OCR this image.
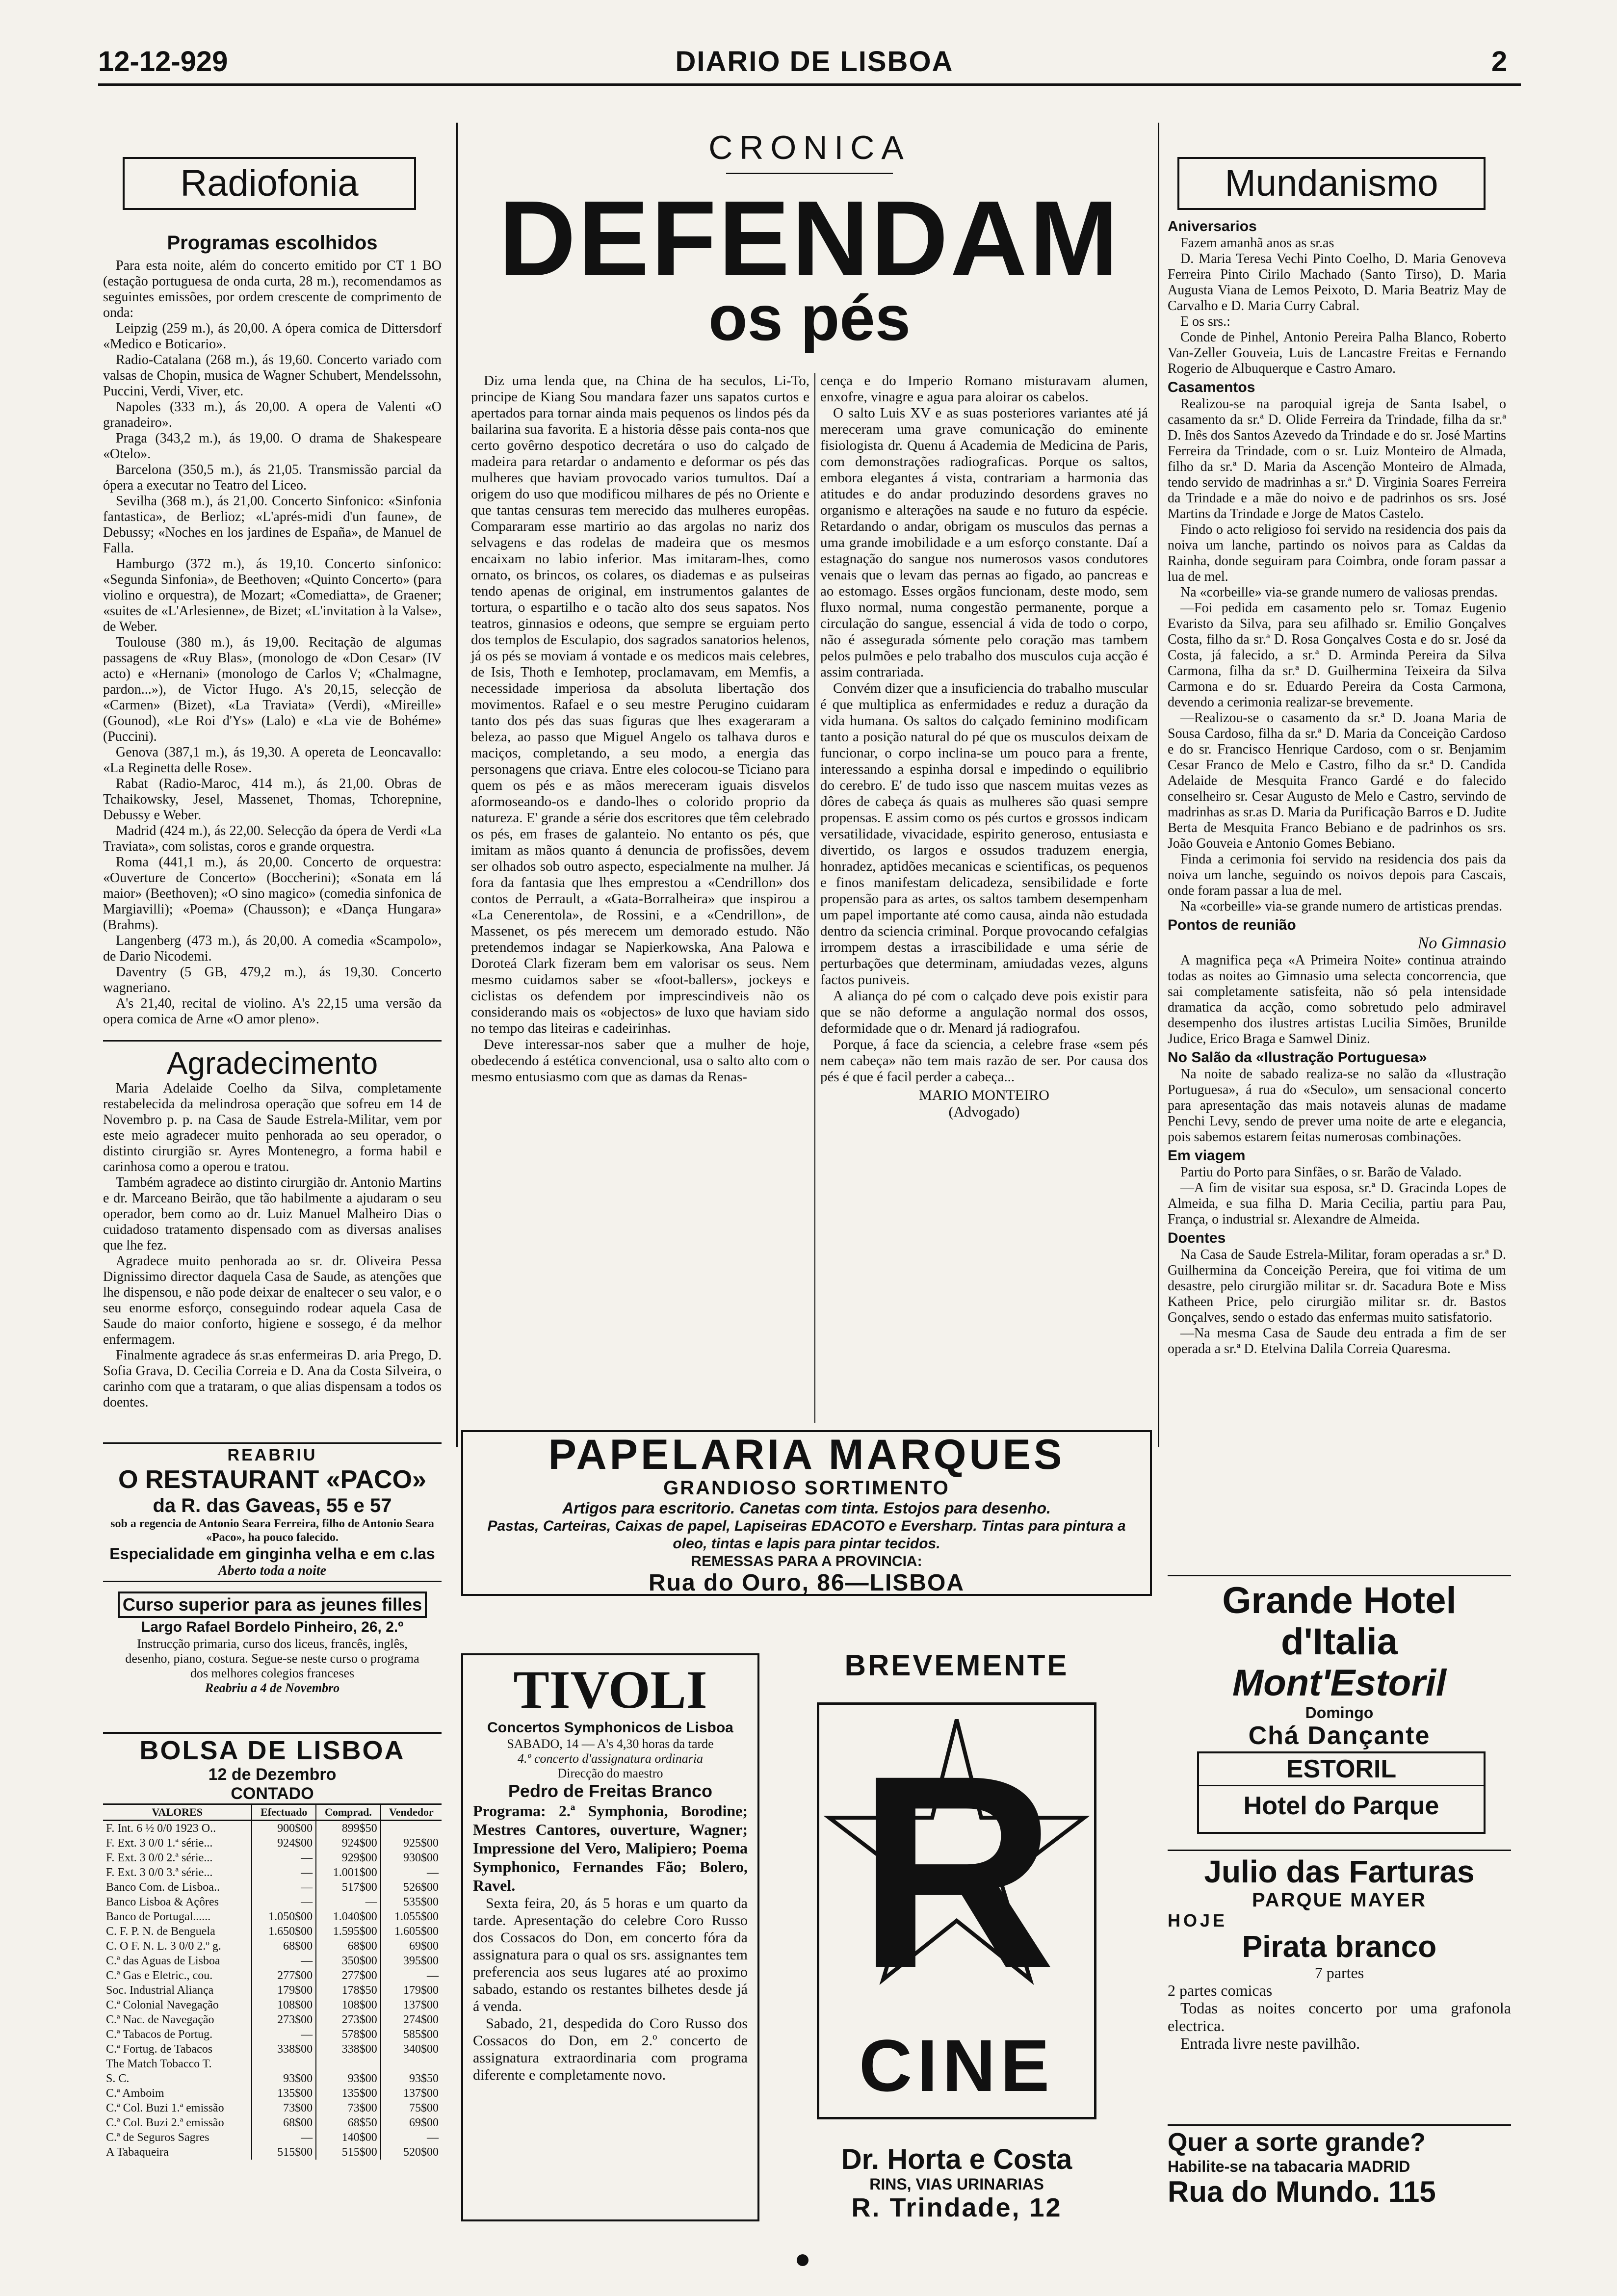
12-12-929	DIARIO DE LISBOA	2
Radiofonia
Programas escolhidos

Para esta noite, além do concerto emitido por CT 1 BO (estação portuguesa de onda curta, 28 m.), recomendamos as seguintes emissões, por ordem crescente de comprimento de onda:

Leipzig (259 m.), ás 20,00. A ópera comica de Dittersdorf «Medico e Boticario».

Radio-Catalana (268 m.), ás 19,60. Concerto variado com valsas de Chopin, musica de Wagner Schubert, Mendelssohn, Puccini, Verdi, Viver, etc.

Napoles (333 m.), ás 20,00. A opera de Valenti «O granadeiro».

Praga (343,2 m.), ás 19,00. O drama de Shakespeare «Otelo».

Barcelona (350,5 m.), ás 21,05. Transmissão parcial da ópera a executar no Teatro del Liceo.

Sevilha (368 m.), ás 21,00. Concerto Sinfonico: «Sinfonia fantastica», de Berlioz; «L'aprés-midi d'un faune», de Debussy; «Noches en los jardines de España», de Manuel de Falla.

Hamburgo (372 m.), ás 19,10. Concerto sinfonico: «Segunda Sinfonia», de Beethoven; «Quinto Concerto» (para violino e orquestra), de Mozart; «Comediatta», de Graener; «suites de «L'Arlesienne», de Bizet; «L'invitation à la Valse», de Weber.

Toulouse (380 m.), ás 19,00. Recitação de algumas passagens de «Ruy Blas», (monologo de «Don Cesar» (IV acto) e «Hernani» (monologo de Carlos V; «Chalmagne, pardon...»), de Victor Hugo. A's 20,15, selecção de «Carmen» (Bizet), «La Traviata» (Verdi), «Mireille» (Gounod), «Le Roi d'Ys» (Lalo) e «La vie de Bohéme» (Puccini).

Genova (387,1 m.), ás 19,30. A opereta de Leoncavallo: «La Reginetta delle Rose».

Rabat (Radio-Maroc, 414 m.), ás 21,00. Obras de Tchaikowsky, Jesel, Massenet, Thomas, Tchorepnine, Debussy e Weber.

Madrid (424 m.), ás 22,00. Selecção da ópera de Verdi «La Traviata», com solistas, coros e grande orquestra.

Roma (441,1 m.), ás 20,00. Concerto de orquestra: «Ouverture de Concerto» (Boccherini); «Sonata em lá maior» (Beethoven); «O sino magico» (comedia sinfonica de Margiavilli); «Poema» (Chausson); e «Dança Hungara» (Brahms).

Langenberg (473 m.), ás 20,00. A comedia «Scampolo», de Dario Nicodemi.

Daventry (5 GB, 479,2 m.), ás 19,30. Concerto wagneriano.

A's 21,40, recital de violino. A's 22,15 uma versão da opera comica de Arne «O amor pleno».

Agradecimento

Maria Adelaide Coelho da Silva, completamente restabelecida da melindrosa operação que sofreu em 14 de Novembro p. p. na Casa de Saude Estrela-Militar, vem por este meio agradecer muito penhorada ao seu operador, o distinto cirurgião sr. Ayres Montenegro, a forma habil e carinhosa como a operou e tratou.

Também agradece ao distinto cirurgião dr. Antonio Martins e dr. Marceano Beirão, que tão habilmente a ajudaram o seu operador, bem como ao dr. Luiz Manuel Malheiro Dias o cuidadoso tratamento dispensado com as diversas analises que lhe fez.

Agradece muito penhorada ao sr. dr. Oliveira Pessa Dignissimo director daquela Casa de Saude, as atenções que lhe dispensou, e não pode deixar de enaltecer o seu valor, e o seu enorme esforço, conseguindo rodear aquela Casa de Saude do maior conforto, higiene e sossego, é da melhor enfermagem.

Finalmente agradece ás sr.as enfermeiras D. aria Prego, D. Sofia Grava, D. Cecilia Correia e D. Ana da Costa Silveira, o carinho com que a trataram, o que alias dispensam a todos os doentes.

REABRIU
O RESTAURANT «PACO»
da R. das Gaveas, 55 e 57
sob a regencia de Antonio Seara Ferreira, filho de Antonio Seara «Paco», ha pouco falecido.
Especialidade em ginginha velha e em c.las
Aberto toda a noite
Curso superior para as jeunes filles
Largo Rafael Bordelo Pinheiro, 26, 2.º
Instrucção primaria, curso dos liceus, francês, inglês, desenho, piano, costura. Segue-se neste curso o programa dos melhores colegios franceses
Reabriu a 4 de Novembro
BOLSA DE LISBOA
12 de Dezembro
CONTADO
VALORES	Efectuado	Comprad.	Vendedor
F. Int. 6 ½ 0/0 1923 O..	900$00	899$50	
F. Ext. 3 0/0 1.ª série...	924$00	924$00	925$00
F. Ext. 3 0/0 2.ª série...	—	929$00	930$00
F. Ext. 3 0/0 3.ª série...	—	1.001$00	—
Banco Com. de Lisboa..	—	517$00	526$00
Banco Lisboa & Açôres	—	—	535$00
Banco de Portugal......	1.050$00	1.040$00	1.055$00
C. F. P. N. de Benguela	1.650$00	1.595$00	1.605$00
C. O F. N. L. 3 0/0 2.º g.	68$00	68$00	69$00
C.ª das Aguas de Lisboa	—	350$00	395$00
C.ª Gas e Eletric., cou.	277$00	277$00	—
Soc. Industrial Aliança	179$00	178$50	179$00
C.ª Colonial Navegação	108$00	108$00	137$00
C.ª Nac. de Navegação	273$00	273$00	274$00
C.ª Tabacos de Portug.	—	578$00	585$00
C.ª Fortug. de Tabacos	338$00	338$00	340$00
The Match Tobacco T.			
S. C.	93$00	93$00	93$50
C.ª Amboim	135$00	135$00	137$00
C.ª Col. Buzi 1.ª emissão	73$00	73$00	75$00
C.ª Col. Buzi 2.ª emissão	68$00	68$50	69$00
C.ª de Seguros Sagres	—	140$00	—
A Tabaqueira	515$00	515$00	520$00
CRONICA
DEFENDAM
os pés

Diz uma lenda que, na China de ha seculos, Li-To, principe de Kiang Sou mandara fazer uns sapatos curtos e apertados para tornar ainda mais pequenos os lindos pés da bailarina sua favorita. E a historia dêsse pais conta-nos que certo govêrno despotico decretára o uso do calçado de madeira para retardar o andamento e deformar os pés das mulheres que haviam provocado varios tumultos. Daí a origem do uso que modificou milhares de pés no Oriente e que tantas censuras tem merecido das mulheres europêas. Compararam esse martirio ao das argolas no nariz dos selvagens e das rodelas de madeira que os mesmos encaixam no labio inferior. Mas imitaram-lhes, como ornato, os brincos, os colares, os diademas e as pulseiras tendo apenas de original, em instrumentos galantes de tortura, o espartilho e o tacão alto dos seus sapatos. Nos teatros, ginnasios e odeons, que sempre se erguiam perto dos templos de Esculapio, dos sagrados sanatorios helenos, já os pés se moviam á vontade e os medicos mais celebres, de Isis, Thoth e Iemhotep, proclamavam, em Memfis, a necessidade imperiosa da absoluta libertação dos movimentos. Rafael e o seu mestre Perugino cuidaram tanto dos pés das suas figuras que lhes exageraram a beleza, ao passo que Miguel Angelo os talhava duros e maciços, completando, a seu modo, a energia das personagens que criava. Entre eles colocou-se Ticiano para quem os pés e as mãos mereceram iguais disvelos aformoseando-os e dando-lhes o colorido proprio da natureza. E' grande a série dos escritores que têm celebrado os pés, em frases de galanteio. No entanto os pés, que imitam as mãos quanto á denuncia de profissões, devem ser olhados sob outro aspecto, especialmente na mulher. Já fora da fantasia que lhes emprestou a «Cendrillon» dos contos de Perrault, a «Gata-Borralheira» que inspirou a «La Cenerentola», de Rossini, e a «Cendrillon», de Massenet, os pés merecem um demorado estudo. Não pretendemos indagar se Napierkowska, Ana Palowa e Doroteá Clark fizeram bem em valorisar os seus. Nem mesmo cuidamos saber se «foot-ballers», jockeys e ciclistas os defendem por imprescindiveis não os considerando mais os «objectos» de luxo que haviam sido no tempo das liteiras e cadeirinhas.

Deve interessar-nos saber que a mulher de hoje, obedecendo á estética convencional, usa o salto alto com o mesmo entusiasmo com que as damas da Renas-

cença e do Imperio Romano misturavam alumen, enxofre, vinagre e agua para aloirar os cabelos.

O salto Luis XV e as suas posteriores variantes até já mereceram uma grave comunicação do eminente fisiologista dr. Quenu á Academia de Medicina de Paris, com demonstrações radiograficas. Porque os saltos, embora elegantes á vista, contrariam a harmonia das atitudes e do andar produzindo desordens graves no organismo e alterações na saude e no futuro da espécie. Retardando o andar, obrigam os musculos das pernas a uma grande imobilidade e a um esforço constante. Daí a estagnação do sangue nos numerosos vasos condutores venais que o levam das pernas ao figado, ao pancreas e ao estomago. Esses orgãos funcionam, deste modo, sem fluxo normal, numa congestão permanente, porque a circulação do sangue, essencial á vida de todo o corpo, não é assegurada sómente pelo coração mas tambem pelos pulmões e pelo trabalho dos musculos cuja acção é assim contrariada.

Convém dizer que a insuficiencia do trabalho muscular é que multiplica as enfermidades e reduz a duração da vida humana. Os saltos do calçado feminino modificam tanto a posição natural do pé que os musculos deixam de funcionar, o corpo inclina-se um pouco para a frente, interessando a espinha dorsal e impedindo o equilibrio do cerebro. E' de tudo isso que nascem muitas vezes as dôres de cabeça ás quais as mulheres são quasi sempre propensas. E assim como os pés curtos e grossos indicam versatilidade, vivacidade, espirito generoso, entusiasta e divertido, os largos e ossudos traduzem energia, honradez, aptidões mecanicas e scientificas, os pequenos e finos manifestam delicadeza, sensibilidade e forte propensão para as artes, os saltos tambem desempenham um papel importante até como causa, ainda não estudada dentro da sciencia criminal. Porque provocando cefalgias irrompem destas a irrascibilidade e uma série de perturbações que determinam, amiudadas vezes, alguns factos puniveis.

A aliança do pé com o calçado deve pois existir para que se não deforme a angulação normal dos ossos, deformidade que o dr. Menard já radiografou.

Porque, á face da sciencia, a celebre frase «sem pés nem cabeça» não tem mais razão de ser. Por causa dos pés é que é facil perder a cabeça...

MARIO MONTEIRO
(Advogado)
PAPELARIA MARQUES
GRANDIOSO SORTIMENTO
Artigos para escritorio. Canetas com tinta. Estojos para desenho.
Pastas, Carteiras, Caixas de papel, Lapiseiras EDACOTO e Eversharp. Tintas para pintura a oleo, tintas e lapis para pintar tecidos.
REMESSAS PARA A PROVINCIA:
Rua do Ouro, 86—LISBOA
TIVOLI
Concertos Symphonicos de Lisboa
SABADO, 14 — A's 4,30 horas da tarde
4.º concerto d'assignatura ordinaria
Direcção do maestro
Pedro de Freitas Branco

Programa: 2.ª Symphonia, Borodine; Mestres Cantores, ouverture, Wagner; Impressione del Vero, Malipiero; Poema Symphonico, Fernandes Fão; Bolero, Ravel.

Sexta feira, 20, ás 5 horas e um quarto da tarde. Apresentação do celebre Coro Russo dos Cossacos do Don, em concerto fóra da assignatura para o qual os srs. assignantes tem preferencia aos seus lugares até ao proximo sabado, estando os restantes bilhetes desde já á venda.

Sabado, 21, despedida do Coro Russo dos Cossacos do Don, em 2.º concerto de assignatura extraordinaria com programa diferente e completamente novo.

BREVEMENTE
R
CINE
Dr. Horta e Costa
RINS, VIAS URINARIAS
R. Trindade, 12
Mundanismo
Aniversarios

Fazem amanhã anos as sr.as

D. Maria Teresa Vechi Pinto Coelho, D. Maria Genoveva Ferreira Pinto Cirilo Machado (Santo Tirso), D. Maria Augusta Viana de Lemos Peixoto, D. Maria Beatriz May de Carvalho e D. Maria Curry Cabral.

E os srs.:

Conde de Pinhel, Antonio Pereira Palha Blanco, Roberto Van-Zeller Gouveia, Luis de Lancastre Freitas e Fernando Rogerio de Albuquerque e Castro Amaro.

Casamentos

Realizou-se na paroquial igreja de Santa Isabel, o casamento da sr.ª D. Olide Ferreira da Trindade, filha da sr.ª D. Inês dos Santos Azevedo da Trindade e do sr. José Martins Ferreira da Trindade, com o sr. Luiz Monteiro de Almada, filho da sr.ª D. Maria da Ascenção Monteiro de Almada, tendo servido de madrinhas a sr.ª D. Virginia Soares Ferreira da Trindade e a mãe do noivo e de padrinhos os srs. José Martins da Trindade e Jorge de Matos Castelo.

Findo o acto religioso foi servido na residencia dos pais da noiva um lanche, partindo os noivos para as Caldas da Rainha, donde seguiram para Coimbra, onde foram passar a lua de mel.

Na «corbeille» via-se grande numero de valiosas prendas.

—Foi pedida em casamento pelo sr. Tomaz Eugenio Evaristo da Silva, para seu afilhado sr. Emilio Gonçalves Costa, filho da sr.ª D. Rosa Gonçalves Costa e do sr. José da Costa, já falecido, a sr.ª D. Arminda Pereira da Silva Carmona, filha da sr.ª D. Guilhermina Teixeira da Silva Carmona e do sr. Eduardo Pereira da Costa Carmona, devendo a cerimonia realizar-se brevemente.

—Realizou-se o casamento da sr.ª D. Joana Maria de Sousa Cardoso, filha da sr.ª D. Maria da Conceição Cardoso e do sr. Francisco Henrique Cardoso, com o sr. Benjamim Cesar Franco de Melo e Castro, filho da sr.ª D. Candida Adelaide de Mesquita Franco Gardé e do falecido conselheiro sr. Cesar Augusto de Melo e Castro, servindo de madrinhas as sr.as D. Maria da Purificação Barros e D. Judite Berta de Mesquita Franco Bebiano e de padrinhos os srs. João Gouveia e Antonio Gomes Bebiano.

Finda a cerimonia foi servido na residencia dos pais da noiva um lanche, seguindo os noivos depois para Cascais, onde foram passar a lua de mel.

Na «corbeille» via-se grande numero de artisticas prendas.

Pontos de reunião
No Gimnasio

A magnifica peça «A Primeira Noite» continua atraindo todas as noites ao Gimnasio uma selecta concorrencia, que sai completamente satisfeita, não só pela intensidade dramatica da acção, como sobretudo pelo admiravel desempenho dos ilustres artistas Lucilia Simões, Brunilde Judice, Erico Braga e Samwel Diniz.

No Salão da «Ilustração Portuguesa»

Na noite de sabado realiza-se no salão da «Ilustração Portuguesa», á rua do «Seculo», um sensacional concerto para apresentação das mais notaveis alunas de madame Penchi Levy, sendo de prever uma noite de arte e elegancia, pois sabemos estarem feitas numerosas combinações.

Em viagem

Partiu do Porto para Sinfães, o sr. Barão de Valado.

—A fim de visitar sua esposa, sr.ª D. Gracinda Lopes de Almeida, e sua filha D. Maria Cecilia, partiu para Pau, França, o industrial sr. Alexandre de Almeida.

Doentes

Na Casa de Saude Estrela-Militar, foram operadas a sr.ª D. Guilhermina da Conceição Pereira, que foi vitima de um desastre, pelo cirurgião militar sr. dr. Sacadura Bote e Miss Katheen Price, pelo cirurgião militar sr. dr. Bastos Gonçalves, sendo o estado das enfermas muito satisfatorio.

—Na mesma Casa de Saude deu entrada a fim de ser operada a sr.ª D. Etelvina Dalila Correia Quaresma.

Grande Hotel d'Italia
Mont'Estoril
Domingo
Chá Dançante
ESTORIL
Hotel do Parque
Julio das Farturas
PARQUE MAYER
HOJE
Pirata branco
7 partes
2 partes comicas

Todas as noites concerto por uma grafonola electrica.

Entrada livre neste pavilhão.

Quer a sorte grande?
Habilite-se na tabacaria MADRID
Rua do Mundo. 115
